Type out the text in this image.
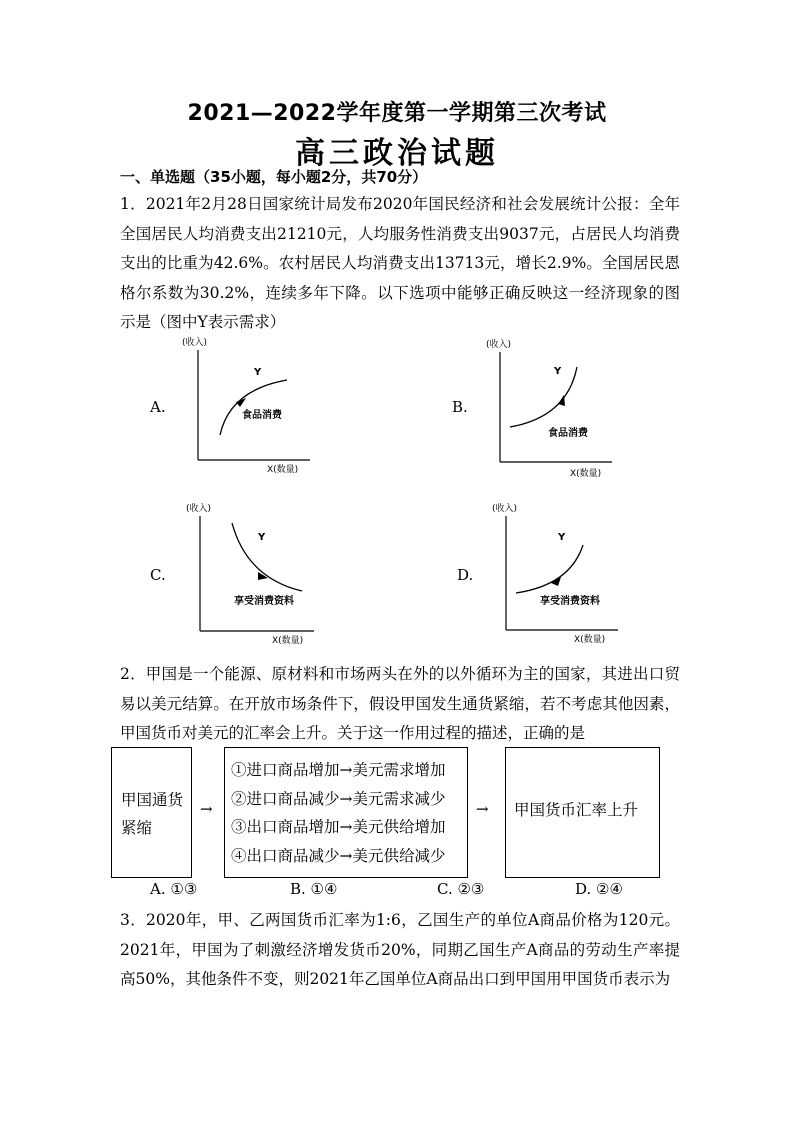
2021—2022学年度第一学期第三次考试
高三政治试题
一、单选题（35小题，每小题2分，共70分）
1．2021年2月28日国家统计局发布2020年国民经济和社会发展统计公报：全年全国居民人均消费支出21210元，人均服务性消费支出9037元，占居民人均消费支出的比重为42.6%。农村居民人均消费支出13713元，增长2.9%。全国居民恩格尔系数为30.2%，连续多年下降。以下选项中能够正确反映这一经济现象的图示是（图中Y表示需求）
A.
(收入)
Y
食品消费
X(数量)
B.
(收入)
Y
食品消费
X(数量)
C.
(收入)
Y
享受消费资料
X(数量)
D.
(收入)
Y
享受消费资料
X(数量)
2．甲国是一个能源、原材料和市场两头在外的以外循环为主的国家，其进出口贸易以美元结算。在开放市场条件下，假设甲国发生通货紧缩，若不考虑其他因素，甲国货币对美元的汇率会上升。关于这一作用过程的描述，正确的是
甲国通货紧缩
→
①进口商品增加→美元需求增加
②进口商品减少→美元需求减少
③出口商品增加→美元供给增加
④出口商品减少→美元供给减少
→	甲国货币汇率上升
A. ①③	B. ①④	C. ②③	D. ②④
3．2020年，甲、乙两国货币汇率为1:6，乙国生产的单位A商品价格为120元。2021年，甲国为了刺激经济增发货币20%，同期乙国生产A商品的劳动生产率提高50%，其他条件不变，则2021年乙国单位A商品出口到甲国用甲国货币表示为
